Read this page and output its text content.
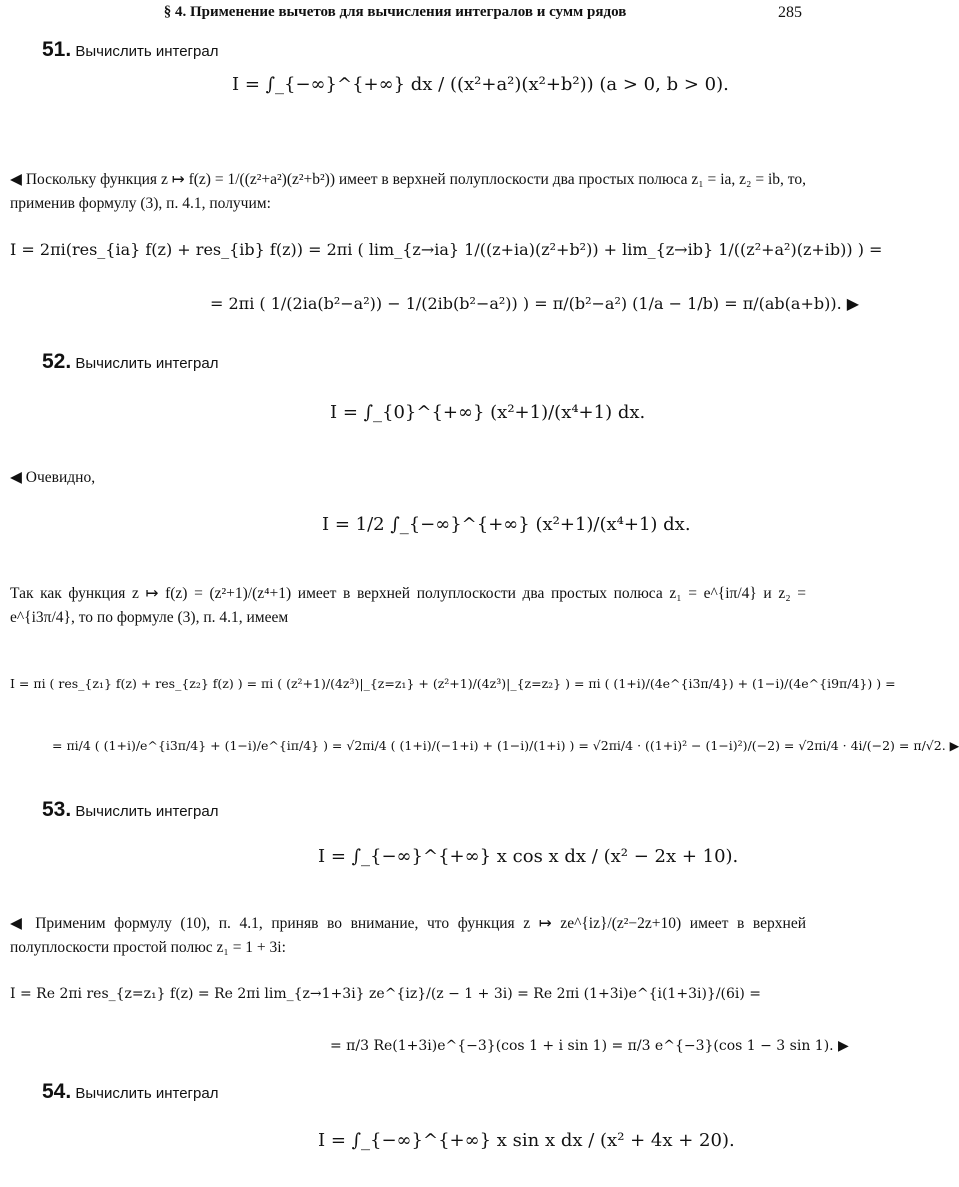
§ 4. Применение вычетов для вычисления интегралов и сумм рядов	285
51. Вычислить интеграл
I = ∫_{−∞}^{+∞} dx / ((x²+a²)(x²+b²)) (a > 0, b > 0).
◀ Поскольку функция z ↦ f(z) = 1/((z²+a²)(z²+b²)) имеет в верхней полуплоскости два простых полюса z₁ = ia, z₂ = ib, то, применив формулу (3), п. 4.1, получим:
I = 2πi(res_{ia} f(z) + res_{ib} f(z)) = 2πi ( lim_{z→ia} 1/((z+ia)(z²+b²)) + lim_{z→ib} 1/((z²+a²)(z+ib)) ) =
= 2πi ( 1/(2ia(b²−a²)) − 1/(2ib(b²−a²)) ) = π/(b²−a²) (1/a − 1/b) = π/(ab(a+b)). ▶
52. Вычислить интеграл
I = ∫_{0}^{+∞} (x²+1)/(x⁴+1) dx.
◀ Очевидно,
I = 1/2 ∫_{−∞}^{+∞} (x²+1)/(x⁴+1) dx.
Так как функция z ↦ f(z) = (z²+1)/(z⁴+1) имеет в верхней полуплоскости два простых полюса z₁ = e^{iπ/4} и z₂ = e^{i3π/4}, то по формуле (3), п. 4.1, имеем
I = πi ( res_{z₁} f(z) + res_{z₂} f(z) ) = πi ( (z²+1)/(4z³)|_{z=z₁} + (z²+1)/(4z³)|_{z=z₂} ) = πi ( (1+i)/(4e^{i3π/4}) + (1−i)/(4e^{i9π/4}) ) =
= πi/4 ( (1+i)/e^{i3π/4} + (1−i)/e^{iπ/4} ) = √2πi/4 ( (1+i)/(−1+i) + (1−i)/(1+i) ) = √2πi/4 · ((1+i)² − (1−i)²)/(−2) = √2πi/4 · 4i/(−2) = π/√2. ▶
53. Вычислить интеграл
I = ∫_{−∞}^{+∞} x cos x dx / (x² − 2x + 10).
◀ Применим формулу (10), п. 4.1, приняв во внимание, что функция z ↦ ze^{iz}/(z²−2z+10) имеет в верхней полуплоскости простой полюс z₁ = 1 + 3i:
I = Re 2πi res_{z=z₁} f(z) = Re 2πi lim_{z→1+3i} ze^{iz}/(z − 1 + 3i) = Re 2πi (1+3i)e^{i(1+3i)}/(6i) =
= π/3 Re(1+3i)e^{−3}(cos 1 + i sin 1) = π/3 e^{−3}(cos 1 − 3 sin 1). ▶
54. Вычислить интеграл
I = ∫_{−∞}^{+∞} x sin x dx / (x² + 4x + 20).
